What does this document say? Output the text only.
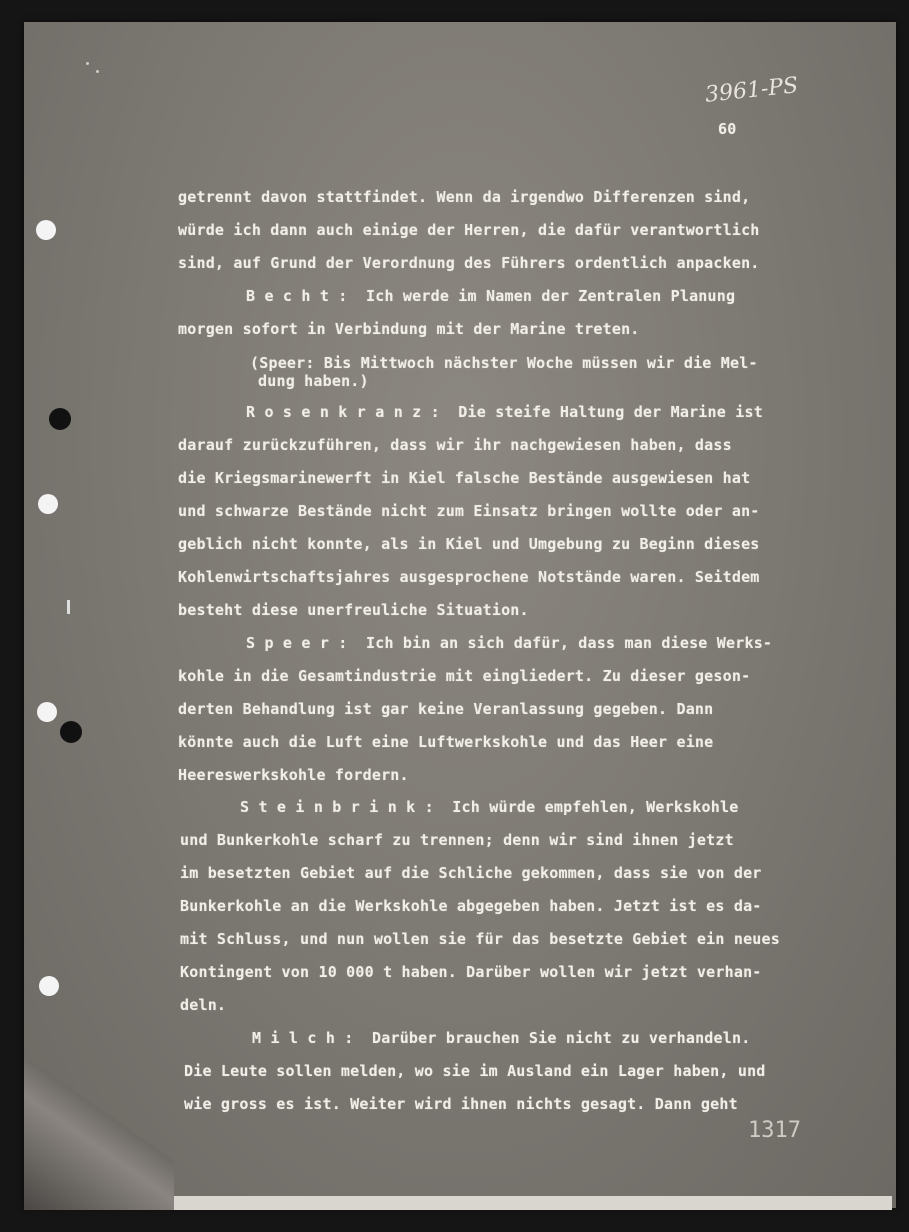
3961-PS
60
getrennt davon stattfindet. Wenn da irgendwo Differenzen sind,
würde ich dann auch einige der Herren, die dafür verantwortlich
sind, auf Grund der Verordnung des Führers ordentlich anpacken.
B e c h t :  Ich werde im Namen der Zentralen Planung
morgen sofort in Verbindung mit der Marine treten.
(Speer: Bis Mittwoch nächster Woche müssen wir die Mel-
dung haben.)
R o s e n k r a n z :  Die steife Haltung der Marine ist
darauf zurückzuführen, dass wir ihr nachgewiesen haben, dass
die Kriegsmarinewerft in Kiel falsche Bestände ausgewiesen hat
und schwarze Bestände nicht zum Einsatz bringen wollte oder an-
geblich nicht konnte, als in Kiel und Umgebung zu Beginn dieses
Kohlenwirtschaftsjahres ausgesprochene Notstände waren. Seitdem
besteht diese unerfreuliche Situation.
S p e e r :  Ich bin an sich dafür, dass man diese Werks-
kohle in die Gesamtindustrie mit eingliedert. Zu dieser geson-
derten Behandlung ist gar keine Veranlassung gegeben. Dann
könnte auch die Luft eine Luftwerkskohle und das Heer eine
Heereswerkskohle fordern.
S t e i n b r i n k :  Ich würde empfehlen, Werkskohle
und Bunkerkohle scharf zu trennen; denn wir sind ihnen jetzt
im besetzten Gebiet auf die Schliche gekommen, dass sie von der
Bunkerkohle an die Werkskohle abgegeben haben. Jetzt ist es da-
mit Schluss, und nun wollen sie für das besetzte Gebiet ein neues
Kontingent von 10 000 t haben. Darüber wollen wir jetzt verhan-
deln.
M i l c h :  Darüber brauchen Sie nicht zu verhandeln.
Die Leute sollen melden, wo sie im Ausland ein Lager haben, und
wie gross es ist. Weiter wird ihnen nichts gesagt. Dann geht
1317
